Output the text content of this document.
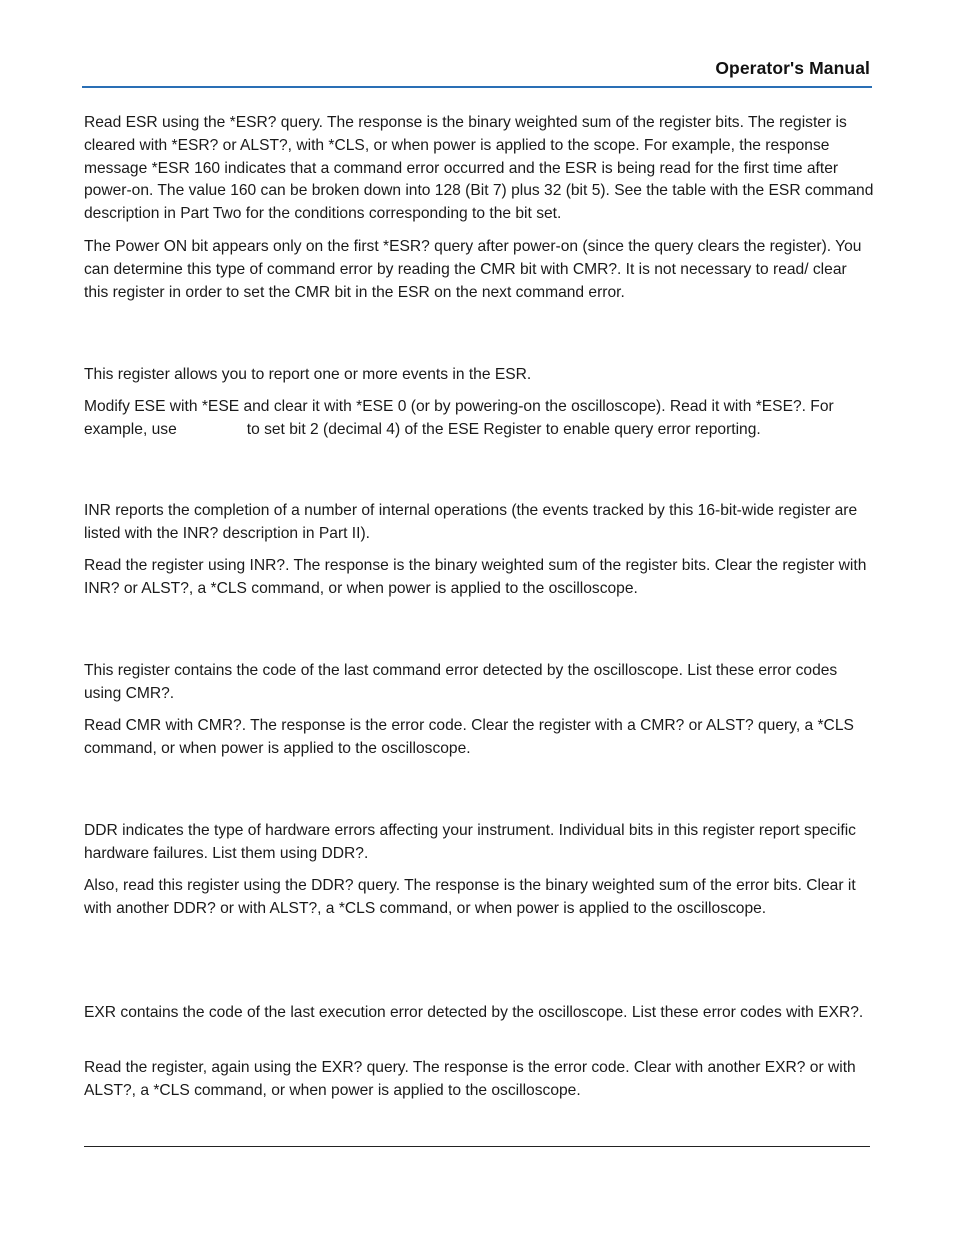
Operator's Manual

Read ESR using the *ESR? query. The response is the binary weighted sum of the register bits. The register is cleared with *ESR? or ALST?, with *CLS, or when power is applied to the scope. For example, the response message *ESR 160 indicates that a command error occurred and the ESR is being read for the first time after power-on. The value 160 can be broken down into 128 (Bit 7) plus 32 (bit 5). See the table with the ESR command description in Part Two for the conditions corresponding to the bit set.

The Power ON bit appears only on the first *ESR? query after power-on (since the query clears the register). You can determine this type of command error by reading the CMR bit with CMR?. It is not necessary to read/ clear this register in order to set the CMR bit in the ESR on the next command error.

This register allows you to report one or more events in the ESR.

Modify ESE with *ESE and clear it with *ESE 0 (or by powering-on the oscilloscope). Read it with *ESE?. For example, use	to set bit 2 (decimal 4) of the ESE Register to enable query error reporting.

INR reports the completion of a number of internal operations (the events tracked by this 16-bit-wide register are listed with the INR? description in Part II).

Read the register using INR?. The response is the binary weighted sum of the register bits. Clear the register with INR? or ALST?, a *CLS command, or when power is applied to the oscilloscope.

This register contains the code of the last command error detected by the oscilloscope. List these error codes using CMR?.

Read CMR with CMR?. The response is the error code. Clear the register with a CMR? or ALST? query, a *CLS command, or when power is applied to the oscilloscope.

DDR indicates the type of hardware errors affecting your instrument. Individual bits in this register report specific hardware failures. List them using DDR?.

Also, read this register using the DDR? query. The response is the binary weighted sum of the error bits. Clear it with another DDR? or with ALST?, a *CLS command, or when power is applied to the oscilloscope.

EXR contains the code of the last execution error detected by the oscilloscope. List these error codes with EXR?.

Read the register, again using the EXR? query. The response is the error code. Clear with another EXR? or with ALST?, a *CLS command, or when power is applied to the oscilloscope.
